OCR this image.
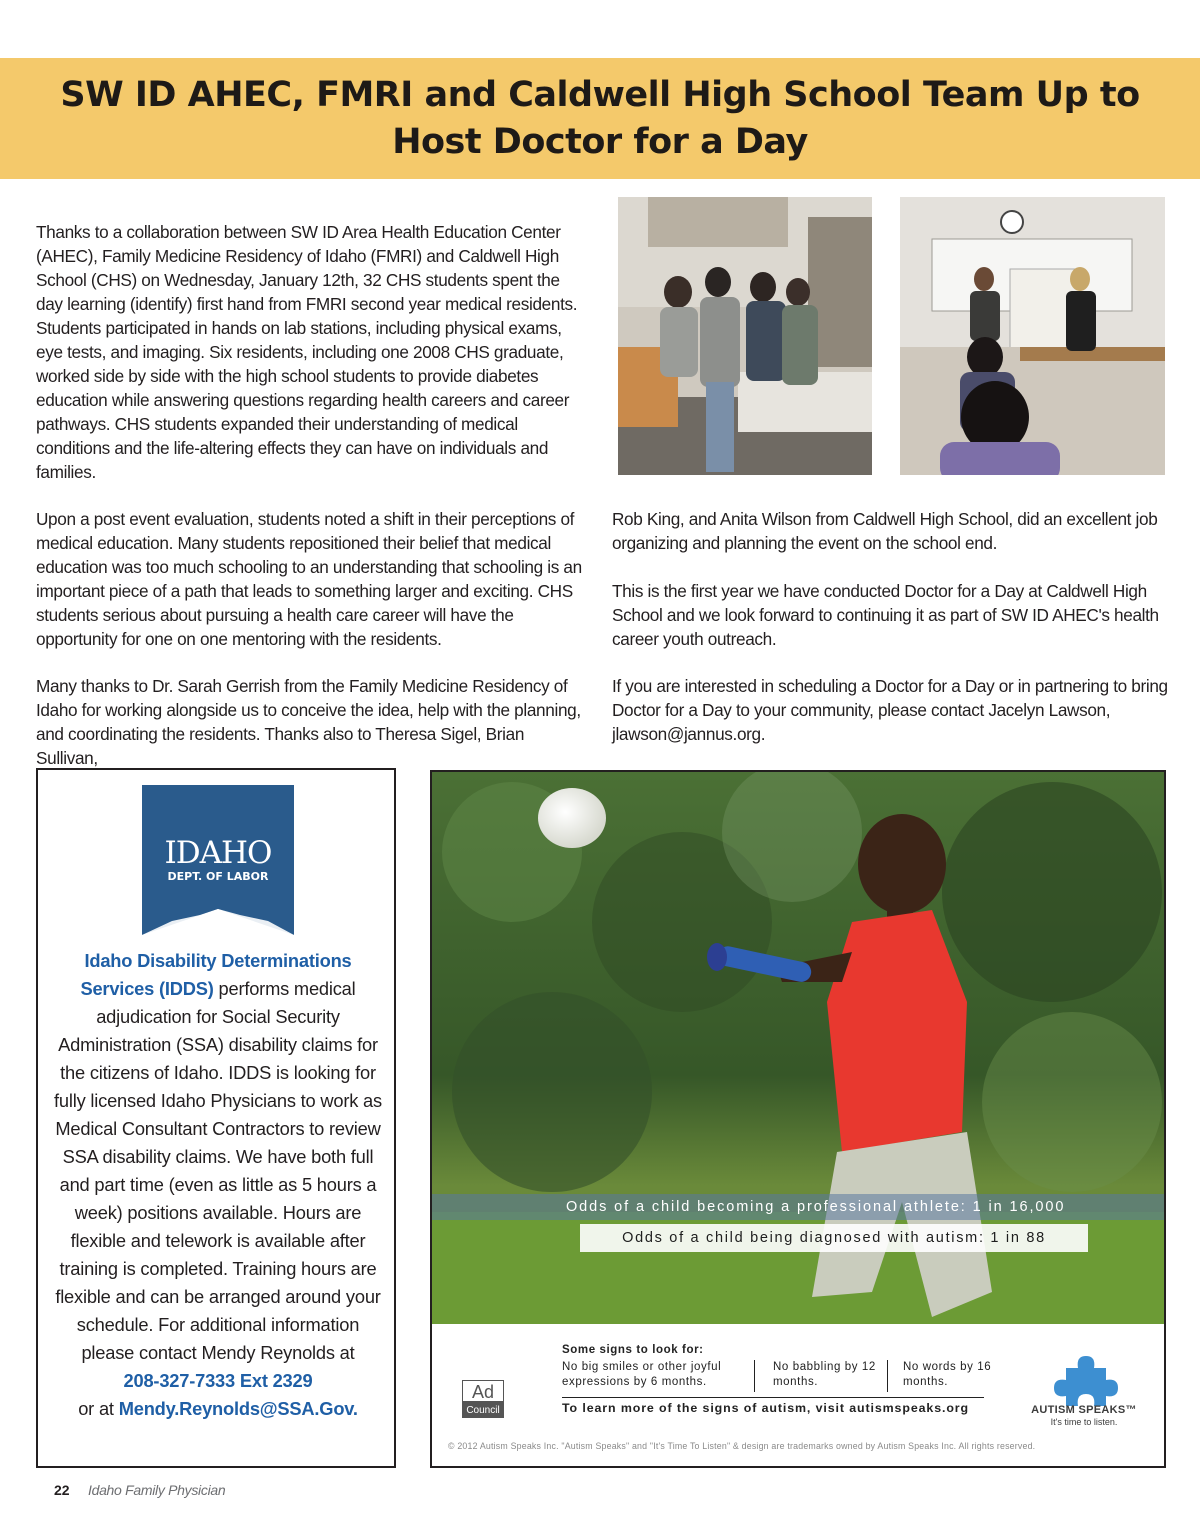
SW ID AHEC, FMRI and Caldwell High School Team Up to Host Doctor for a Day

Thanks to a collaboration between SW ID Area Health Education Center (AHEC), Family Medicine Residency of Idaho (FMRI) and Caldwell High School (CHS) on Wednesday, January 12th, 32 CHS students spent the day learning (identify) first hand from FMRI second year medical residents. Students participated in hands on lab stations, including physical exams, eye tests, and imaging. Six residents, including one 2008 CHS graduate, worked side by side with the high school students to provide diabetes education while answering questions regarding health careers and career pathways. CHS students expanded their understanding of medical conditions and the life-altering effects they can have on individuals and families.

Upon a post event evaluation, students noted a shift in their perceptions of medical education. Many students repositioned their belief that medical education was too much schooling to an understanding that schooling is an important piece of a path that leads to something larger and exciting. CHS students serious about pursuing a health care career will have the opportunity for one on one mentoring with the residents.

Many thanks to Dr. Sarah Gerrish from the Family Medicine Residency of Idaho for working alongside us to conceive the idea, help with the planning, and coordinating the residents. Thanks also to Theresa Sigel, Brian Sullivan,

Rob King, and Anita Wilson from Caldwell High School, did an excellent job organizing and planning the event on the school end.

This is the first year we have conducted Doctor for a Day at Caldwell High School and we look forward to continuing it as part of SW ID AHEC's health career youth outreach.

If you are interested in scheduling a Doctor for a Day or in partnering to bring Doctor for a Day to your community, please contact Jacelyn Lawson, jlawson@jannus.org.

IDAHO
DEPT. OF LABOR
Idaho Disability Determinations Services (IDDS) performs medical adjudication for Social Security Administration (SSA) disability claims for the citizens of Idaho. IDDS is looking for fully licensed Idaho Physicians to work as Medical Consultant Contractors to review SSA disability claims. We have both full and part time (even as little as 5 hours a week) positions available. Hours are flexible and telework is available after training is completed. Training hours are flexible and can be arranged around your schedule. For additional information please contact Mendy Reynolds at
208-327-7333 Ext 2329
or at Mendy.Reynolds@SSA.Gov.
Odds of a child becoming a professional athlete: 1 in 16,000
Odds of a child being diagnosed with autism: 1 in 88
Ad
Council
Some signs to look for:
No big smiles or other joyful expressions by 6 months.
No babbling by 12 months.
No words by 16 months.
To learn more of the signs of autism, visit autismspeaks.org	AUTISM SPEAKS™
It's time to listen.
© 2012 Autism Speaks Inc. "Autism Speaks" and "It's Time To Listen" & design are trademarks owned by Autism Speaks Inc. All rights reserved.
22 Idaho Family Physician
